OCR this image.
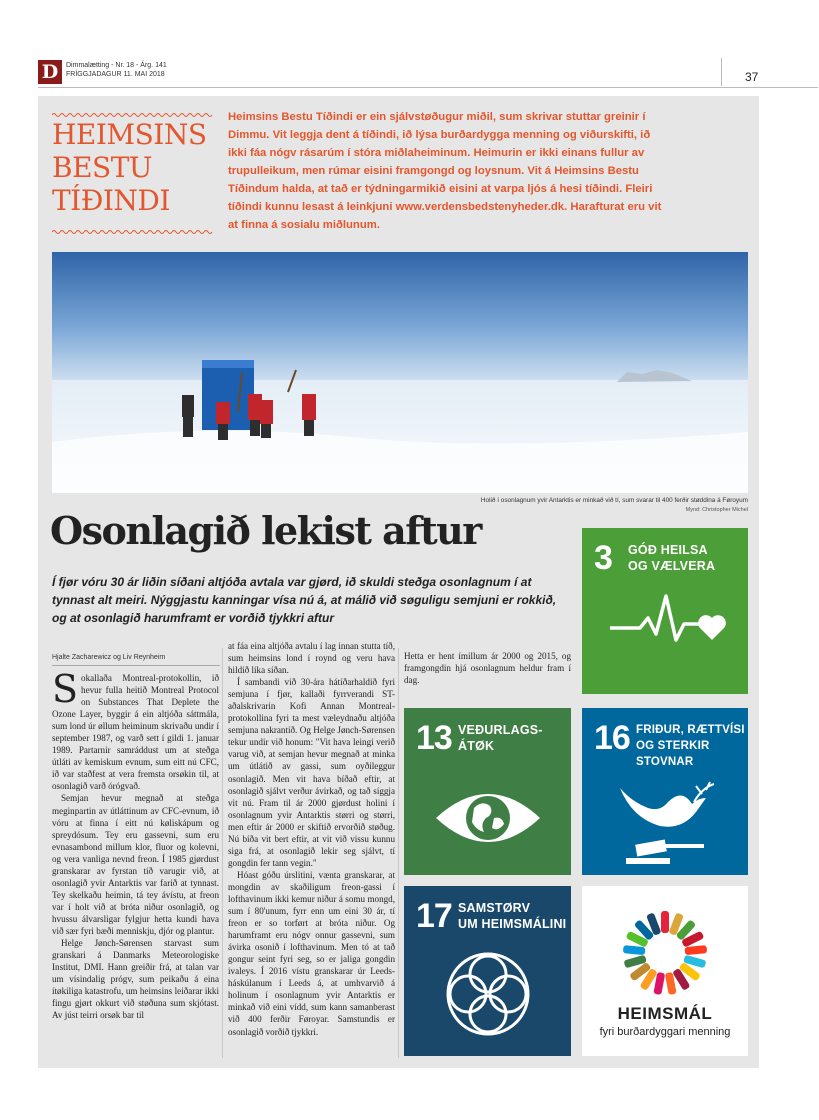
D	Dimmalætting - Nr. 18 - Árg. 141
FRÍGGJADAGUR 11. MAI 2018	37
HEIMSINS
BESTU
TÍÐINDI
Heimsins Bestu Tíðindi er ein sjálvstøðugur miðil, sum skrivar stuttar greinir í Dimmu. Vit leggja dent á tíðindi, ið lýsa burðardygga menning og viðurskifti, ið ikki fáa nógv rásarúm í stóra miðlaheiminum. Heimurin er ikki einans fullur av trupulleikum, men rúmar eisini framgongd og loysnum. Vit á Heimsins Bestu Tíðindum halda, at tað er týdningarmikið eisini at varpa ljós á hesi tíðindi. Fleiri tíðindi kunnu lesast á leinkjuni www.verdensbedstenyheder.dk. Harafturat eru vit at finna á sosialu miðlunum.
Holið í osonlagnum yvir Antarktis er minkað við tí, sum svarar til 400 ferðir støddina á Føroyum
Mynd: Christopher Michel
Osonlagið lekist aftur
Í fjør vóru 30 ár liðin síðani altjóða avtala var gjørd, ið skuldi steðga osonlagnum í at tynnast alt meiri. Nýggjastu kanningar vísa nú á, at málið við søguligu semjuni er rokkið, og at osonlagið harumframt er vorðið tjykkri aftur
Hjalte Zacharewicz og Liv Reynheim

Sokallaða Montreal-protokollin, ið hevur fulla heitið Montreal Protocol on Substances That Deplete the Ozone Layer, byggir á ein altjóða sáttmála, sum lond úr øllum heiminum skrivaðu undir í september 1987, og varð sett í gildi 1. januar 1989. Partarnir samráddust um at steðga útláti av kemiskum evnum, sum eitt nú CFC, ið var staðfest at vera fremsta orsøkin til, at osonlagið varð órógvað.

Semjan hevur megnað at steðga meginpartin av útláttinum av CFC-evnum, ið vóru at finna í eitt nú køliskápum og spreydósum. Tey eru gassevni, sum eru evnasambond millum klor, fluor og kolevni, og vera vanliga nevnd freon. Í 1985 gjørdust granskarar av fyrstan tíð varugir við, at osonlagið yvir Antarktis var farið at tynnast. Tey skelkaðu heimin, tá tey ávístu, at freon var í holt við at bróta niður osonlagið, og hvussu álvarsligar fylgjur hetta kundi hava við sær fyri bæði menniskju, djór og plantur.

Helge Jønch-Sørensen starvast sum granskari á Danmarks Meteorologiske Institut, DMI. Hann greiðir frá, at talan var um vísindalig prógv, sum peikaðu á eina ítøkiliga katastrofu, um heimsins leiðarar ikki fingu gjørt okkurt við støðuna sum skjótast. Av júst teirri orsøk bar til

at fáa eina altjóða avtalu í lag innan stutta tíð, sum heimsins lond í roynd og veru hava hildið líka síðan.

Í sambandi við 30-ára hátíðarhaldið fyri semjuna í fjør, kallaði fyrrverandi ST-aðalskrivarin Kofi Annan Montreal-protokollina fyri ta mest væleydnaðu altjóða semjuna nakrantíð. Og Helge Jønch-Sørensen tekur undir við honum: "Vit hava leingi verið varug við, at semjan hevur megnað at minka um útlátið av gassi, sum oyðileggur osonlagið. Men vit hava bíðað eftir, at osonlagið sjálvt verður ávirkað, og tað síggja vit nú. Fram til ár 2000 gjørdust holini í osonlagnum yvir Antarktis størri og størri, men eftir ár 2000 er skiftið ervorðið støðug. Nú bíða vit bert eftir, at vit við vissu kunnu siga frá, at osonlagið lekir seg sjálvt, tí gongdin fer tann vegin."

Hóast góðu úrslitini, vænta granskarar, at mongdin av skaðiligum freon-gassi í lofthavinum ikki kemur niður á somu mongd, sum í 80'unum, fyrr enn um eini 30 ár, tí freon er so torført at bróta niður. Og harumframt eru nógv onnur gassevni, sum ávirka osonið í lofthavinum. Men tó at tað gongur seint fyri seg, so er jaliga gongdin ivaleys. Í 2016 vístu granskarar úr Leeds-háskúlanum í Leeds á, at umhvarvið á holinum í osonlagnum yvir Antarktis er minkað við eini vídd, sum kann samanberast við 400 ferðir Føroyar. Samstundis er osonlagið vorðið tjykkri.

Hetta er hent ímillum ár 2000 og 2015, og framgongdin hjá osonlagnum heldur fram í dag.

3 GÓÐ HEILSA
OG VÆLVERA
13 VEÐURLAGS-
ÁTØK	16 FRIÐUR, RÆTTVÍSI
OG STERKIR STOVNAR
17 SAMSTØRV
UM HEIMSMÁLINI
HEIMSMÁL
fyri burðardyggari menning
